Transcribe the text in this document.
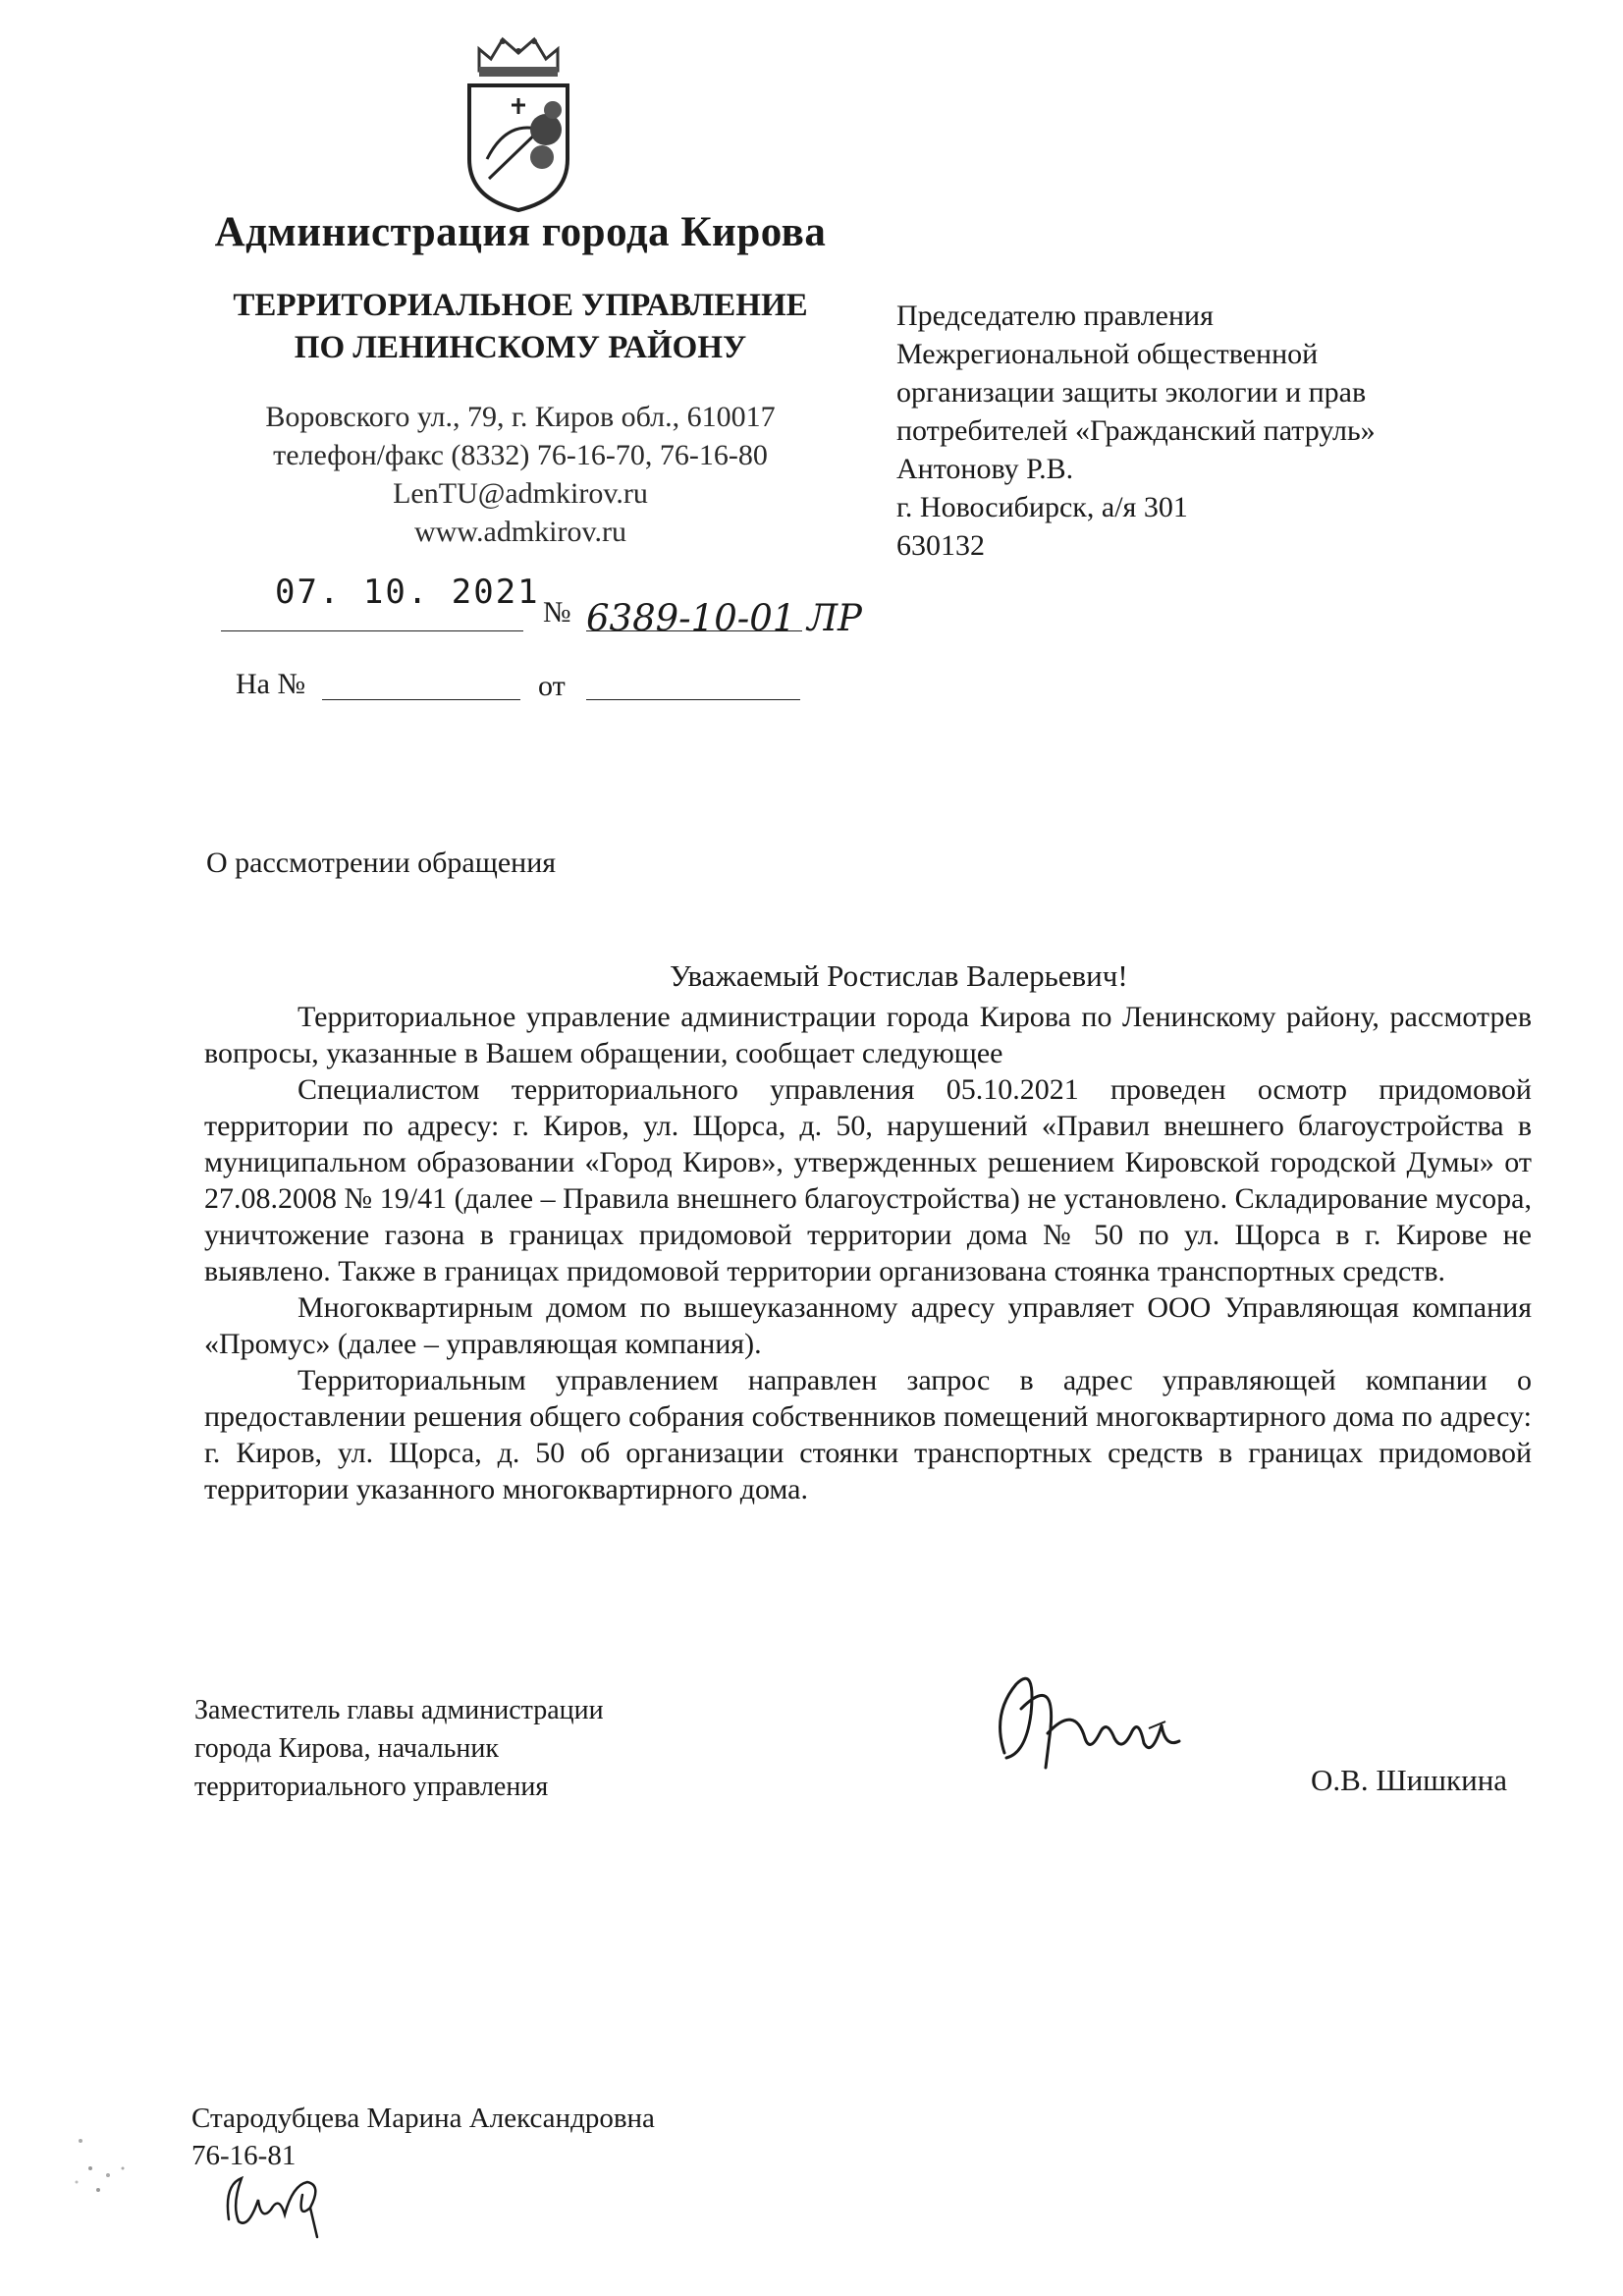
Администрация города Кирова
ТЕРРИТОРИАЛЬНОЕ УПРАВЛЕНИЕ
ПО ЛЕНИНСКОМУ РАЙОНУ
Воровского ул., 79, г. Киров обл., 610017
телефон/факс (8332) 76-16-70, 76-16-80
LenTU@admkirov.ru
www.admkirov.ru
Председателю правления
Межрегиональной общественной
организации защиты экологии и прав
потребителей «Гражданский патруль»
Антонову Р.В.
г. Новосибирск, а/я 301
630132
07. 10. 2021
№ 6389-10-01 ЛР
На №	от
О рассмотрении обращения
Уважаемый Ростислав Валерьевич!

Территориальное управление администрации города Кирова по Ленинскому району, рассмотрев вопросы, указанные в Вашем обращении, сообщает следующее

Специалистом территориального управления 05.10.2021 проведен осмотр придомовой территории по адресу: г. Киров, ул. Щорса, д. 50, нарушений «Правил внешнего благоустройства в муниципальном образовании «Город Киров», утвержденных решением Кировской городской Думы» от 27.08.2008 № 19/41 (далее – Правила внешнего благоустройства) не установлено. Складирование мусора, уничтожение газона в границах придомовой территории дома № 50 по ул. Щорса в г. Кирове не выявлено. Также в границах придомовой территории организована стоянка транспортных средств.

Многоквартирным домом по вышеуказанному адресу управляет ООО Управляющая компания «Промус» (далее – управляющая компания).

Территориальным управлением направлен запрос в адрес управляющей компании о предоставлении решения общего собрания собственников помещений многоквартирного дома по адресу: г. Киров, ул. Щорса, д. 50 об организации стоянки транспортных средств в границах придомовой территории указанного многоквартирного дома.

Заместитель главы администрации
города Кирова, начальник
территориального управления	О.В. Шишкина
Стародубцева Марина Александровна
76-16-81
